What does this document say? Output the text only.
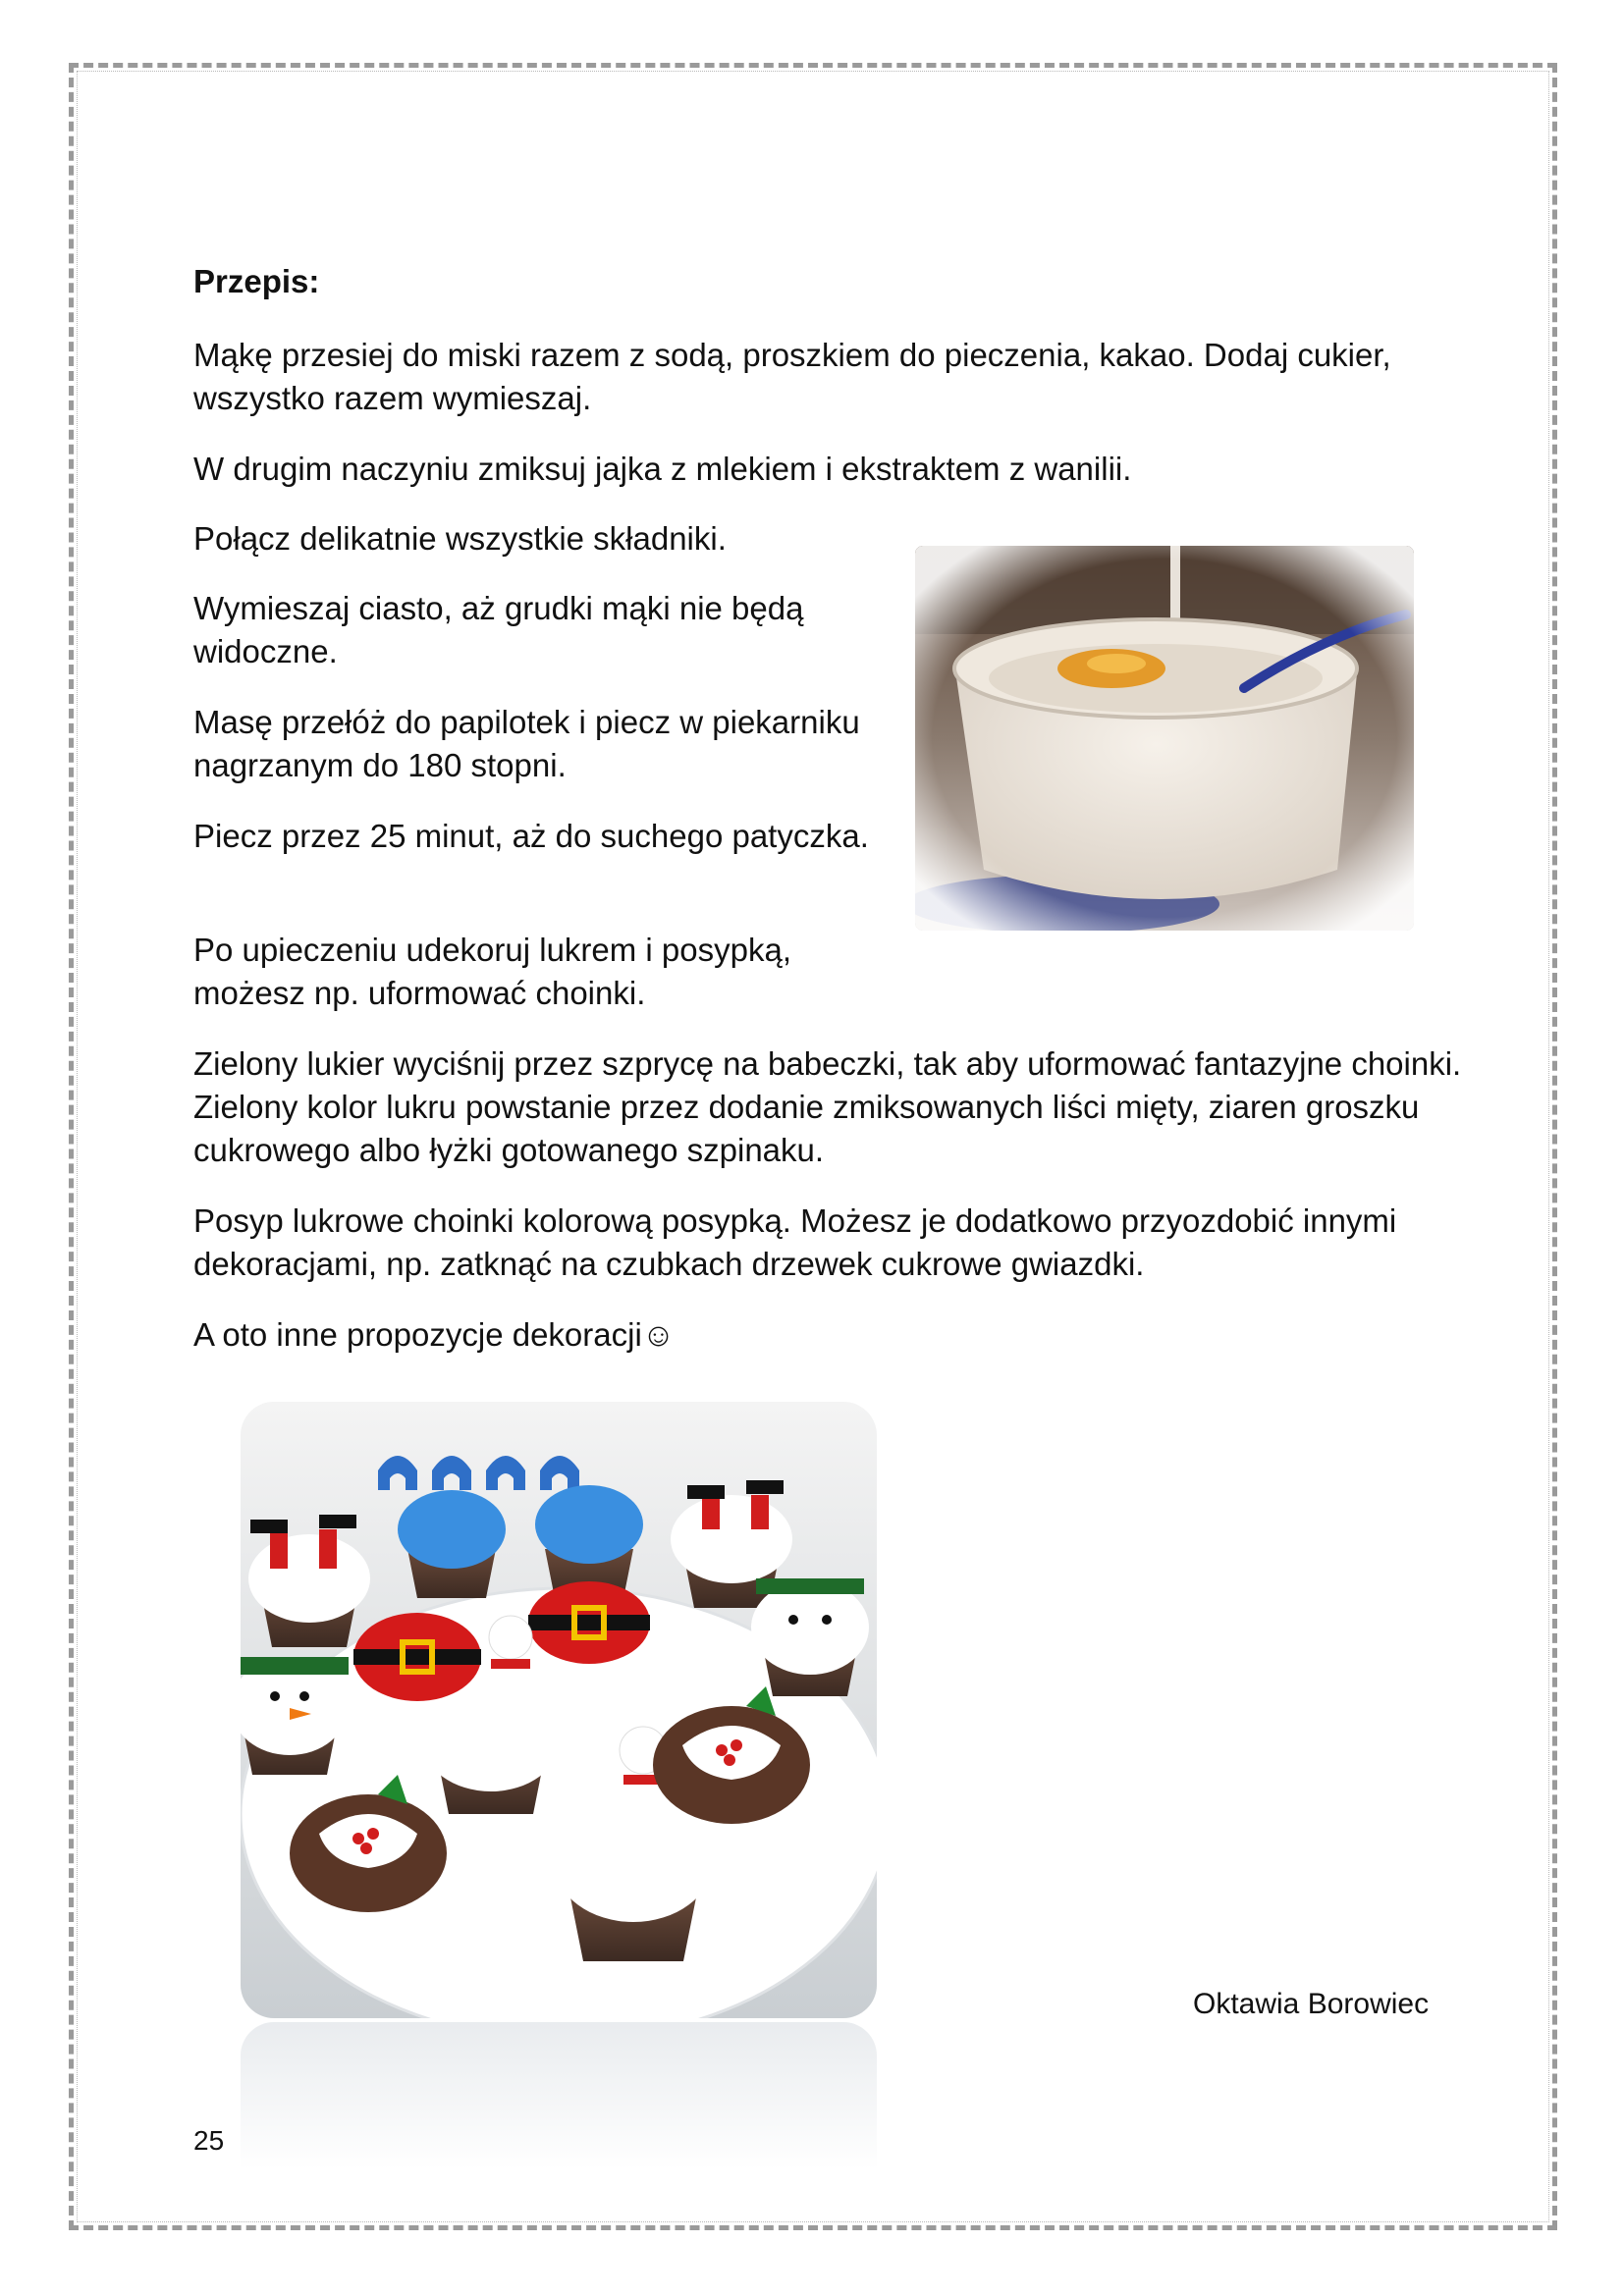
Przepis:

Mąkę przesiej do miski razem z sodą, proszkiem do pieczenia, kakao. Dodaj cukier, wszystko razem wymieszaj.

W drugim naczyniu zmiksuj jajka z mlekiem i ekstraktem z wanilii.

Połącz delikatnie wszystkie składniki.

Wymieszaj ciasto, aż grudki mąki nie będą widoczne.

Masę przełóż do papilotek i piecz w piekarniku nagrzanym do 180 stopni.

Piecz przez 25 minut, aż do suchego patyczka.

Po upieczeniu udekoruj lukrem i posypką, możesz np. uformować choinki.

Zielony lukier wyciśnij przez szprycę na babeczki, tak aby uformować fantazyjne choinki. Zielony kolor lukru powstanie przez dodanie zmiksowanych liści mięty, ziaren groszku cukrowego albo łyżki gotowanego szpinaku.

Posyp lukrowe choinki kolorową posypką. Możesz je dodatkowo przyozdobić innymi dekoracjami, np. zatknąć na czubkach drzewek cukrowe gwiazdki.

A oto inne propozycje dekoracji☺

Oktawia Borowiec

25
